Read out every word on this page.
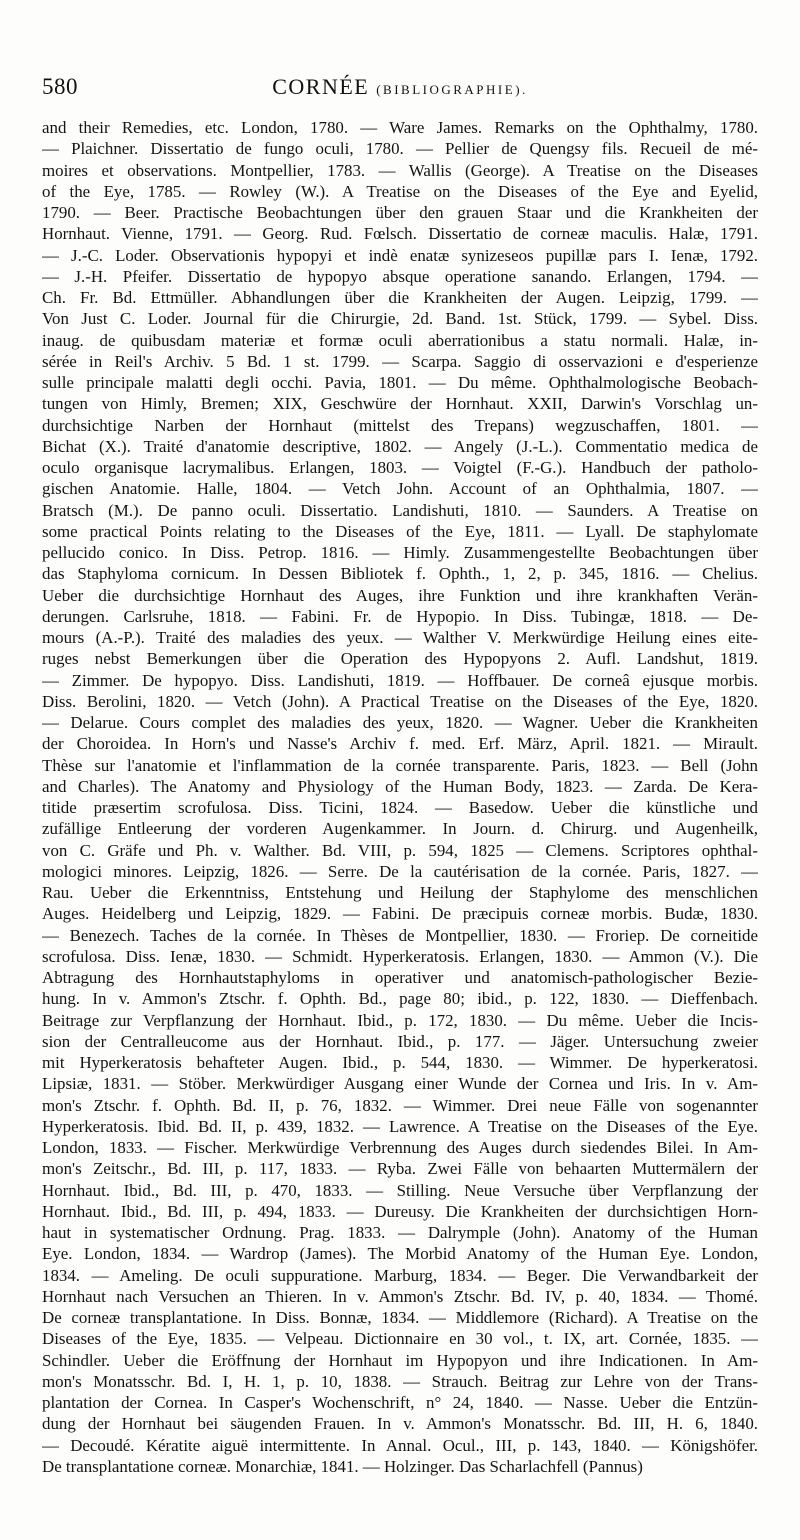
580	CORNÉE (BIBLIOGRAPHIE).
and their Remedies, etc. London, 1780. — Ware James. Remarks on the Ophthalmy, 1780.
— Plaichner. Dissertatio de fungo oculi, 1780. — Pellier de Quengsy fils. Recueil de mé-
moires et observations. Montpellier, 1783. — Wallis (George). A Treatise on the Diseases
of the Eye, 1785. — Rowley (W.). A Treatise on the Diseases of the Eye and Eyelid,
1790. — Beer. Practische Beobachtungen über den grauen Staar und die Krankheiten der
Hornhaut. Vienne, 1791. — Georg. Rud. Fœlsch. Dissertatio de corneæ maculis. Halæ, 1791.
— J.-C. Loder. Observationis hypopyi et indè enatæ synizeseos pupillæ pars I. Ienæ, 1792.
— J.-H. Pfeifer. Dissertatio de hypopyo absque operatione sanando. Erlangen, 1794. —
Ch. Fr. Bd. Ettmüller. Abhandlungen über die Krankheiten der Augen. Leipzig, 1799. —
Von Just C. Loder. Journal für die Chirurgie, 2d. Band. 1st. Stück, 1799. — Sybel. Diss.
inaug. de quibusdam materiæ et formæ oculi aberrationibus a statu normali. Halæ, in-
sérée in Reil's Archiv. 5 Bd. 1 st. 1799. — Scarpa. Saggio di osservazioni e d'esperienze
sulle principale malatti degli occhi. Pavia, 1801. — Du même. Ophthalmologische Beobach-
tungen von Himly, Bremen; XIX, Geschwüre der Hornhaut. XXII, Darwin's Vorschlag un-
durchsichtige Narben der Hornhaut (mittelst des Trepans) wegzuschaffen, 1801. —
Bichat (X.). Traité d'anatomie descriptive, 1802. — Angely (J.-L.). Commentatio medica de
oculo organisque lacrymalibus. Erlangen, 1803. — Voigtel (F.-G.). Handbuch der patholo-
gischen Anatomie. Halle, 1804. — Vetch John. Account of an Ophthalmia, 1807. —
Bratsch (M.). De panno oculi. Dissertatio. Landishuti, 1810. — Saunders. A Treatise on
some practical Points relating to the Diseases of the Eye, 1811. — Lyall. De staphylomate
pellucido conico. In Diss. Petrop. 1816. — Himly. Zusammengestellte Beobachtungen über
das Staphyloma cornicum. In Dessen Bibliotek f. Ophth., 1, 2, p. 345, 1816. — Chelius.
Ueber die durchsichtige Hornhaut des Auges, ihre Funktion und ihre krankhaften Verän-
derungen. Carlsruhe, 1818. — Fabini. Fr. de Hypopio. In Diss. Tubingæ, 1818. — De-
mours (A.-P.). Traité des maladies des yeux. — Walther V. Merkwürdige Heilung eines eite-
ruges nebst Bemerkungen über die Operation des Hypopyons 2. Aufl. Landshut, 1819.
— Zimmer. De hypopyo. Diss. Landishuti, 1819. — Hoffbauer. De corneâ ejusque morbis.
Diss. Berolini, 1820. — Vetch (John). A Practical Treatise on the Diseases of the Eye, 1820.
— Delarue. Cours complet des maladies des yeux, 1820. — Wagner. Ueber die Krankheiten
der Choroidea. In Horn's und Nasse's Archiv f. med. Erf. März, April. 1821. — Mirault.
Thèse sur l'anatomie et l'inflammation de la cornée transparente. Paris, 1823. — Bell (John
and Charles). The Anatomy and Physiology of the Human Body, 1823. — Zarda. De Kera-
titide præsertim scrofulosa. Diss. Ticini, 1824. — Basedow. Ueber die künstliche und
zufällige Entleerung der vorderen Augenkammer. In Journ. d. Chirurg. und Augenheilk,
von C. Gräfe und Ph. v. Walther. Bd. VIII, p. 594, 1825 — Clemens. Scriptores ophthal-
mologici minores. Leipzig, 1826. — Serre. De la cautérisation de la cornée. Paris, 1827. —
Rau. Ueber die Erkenntniss, Entstehung und Heilung der Staphylome des menschlichen
Auges. Heidelberg und Leipzig, 1829. — Fabini. De præcipuis corneæ morbis. Budæ, 1830.
— Benezech. Taches de la cornée. In Thèses de Montpellier, 1830. — Froriep. De corneitide
scrofulosa. Diss. Ienæ, 1830. — Schmidt. Hyperkeratosis. Erlangen, 1830. — Ammon (V.). Die
Abtragung des Hornhautstaphyloms in operativer und anatomisch-pathologischer Bezie-
hung. In v. Ammon's Ztschr. f. Ophth. Bd., page 80; ibid., p. 122, 1830. — Dieffenbach.
Beitrage zur Verpflanzung der Hornhaut. Ibid., p. 172, 1830. — Du même. Ueber die Incis-
sion der Centralleucome aus der Hornhaut. Ibid., p. 177. — Jäger. Untersuchung zweier
mit Hyperkeratosis behafteter Augen. Ibid., p. 544, 1830. — Wimmer. De hyperkeratosi.
Lipsiæ, 1831. — Stöber. Merkwürdiger Ausgang einer Wunde der Cornea und Iris. In v. Am-
mon's Ztschr. f. Ophth. Bd. II, p. 76, 1832. — Wimmer. Drei neue Fälle von sogenannter
Hyperkeratosis. Ibid. Bd. II, p. 439, 1832. — Lawrence. A Treatise on the Diseases of the Eye.
London, 1833. — Fischer. Merkwürdige Verbrennung des Auges durch siedendes Bilei. In Am-
mon's Zeitschr., Bd. III, p. 117, 1833. — Ryba. Zwei Fälle von behaarten Muttermälern der
Hornhaut. Ibid., Bd. III, p. 470, 1833. — Stilling. Neue Versuche über Verpflanzung der
Hornhaut. Ibid., Bd. III, p. 494, 1833. — Dureusy. Die Krankheiten der durchsichtigen Horn-
haut in systematischer Ordnung. Prag. 1833. — Dalrymple (John). Anatomy of the Human
Eye. London, 1834. — Wardrop (James). The Morbid Anatomy of the Human Eye. London,
1834. — Ameling. De oculi suppuratione. Marburg, 1834. — Beger. Die Verwandbarkeit der
Hornhaut nach Versuchen an Thieren. In v. Ammon's Ztschr. Bd. IV, p. 40, 1834. — Thomé.
De corneæ transplantatione. In Diss. Bonnæ, 1834. — Middlemore (Richard). A Treatise on the
Diseases of the Eye, 1835. — Velpeau. Dictionnaire en 30 vol., t. IX, art. Cornée, 1835. —
Schindler. Ueber die Eröffnung der Hornhaut im Hypopyon und ihre Indicationen. In Am-
mon's Monatsschr. Bd. I, H. 1, p. 10, 1838. — Strauch. Beitrag zur Lehre von der Trans-
plantation der Cornea. In Casper's Wochenschrift, n° 24, 1840. — Nasse. Ueber die Entzün-
dung der Hornhaut bei säugenden Frauen. In v. Ammon's Monatsschr. Bd. III, H. 6, 1840.
— Decoudé. Kératite aiguë intermittente. In Annal. Ocul., III, p. 143, 1840. — Königshöfer.
De transplantatione corneæ. Monarchiæ, 1841. — Holzinger. Das Scharlachfell (Pannus)
